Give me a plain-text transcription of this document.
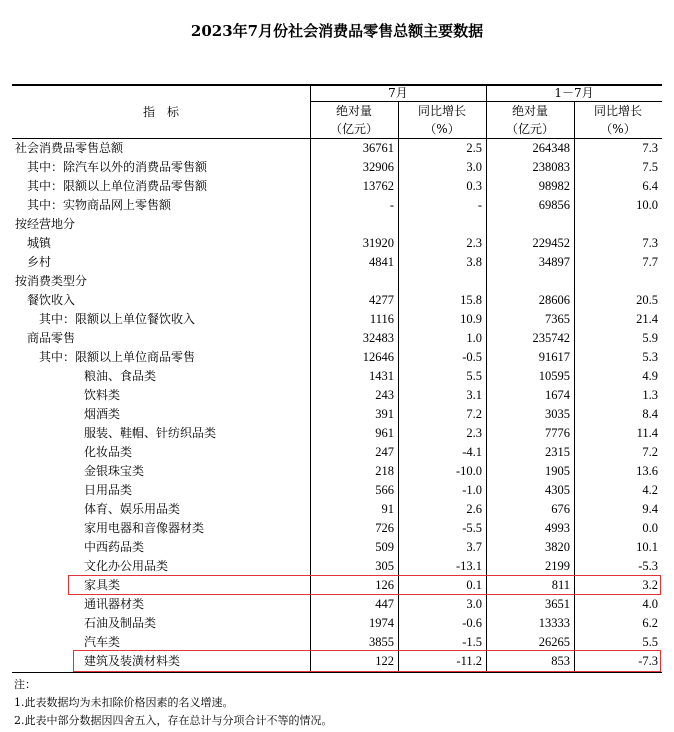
2023年7月份社会消费品零售总额主要数据
指　标
7月	1－7月
绝对量
（亿元）
同比增长
（%）
绝对量
（亿元）
同比增长
（%）
社会消费品零售总额	36761	2.5	264348	7.3
其中：除汽车以外的消费品零售额	32906	3.0	238083	7.5
其中：限额以上单位消费品零售额	13762	0.3	98982	6.4
其中：实物商品网上零售额	-	-	69856	10.0
按经营地分
城镇	31920	2.3	229452	7.3
乡村	4841	3.8	34897	7.7
按消费类型分
餐饮收入	4277	15.8	28606	20.5
其中：限额以上单位餐饮收入	1116	10.9	7365	21.4
商品零售	32483	1.0	235742	5.9
其中：限额以上单位商品零售	12646	-0.5	91617	5.3
粮油、食品类	1431	5.5	10595	4.9
饮料类	243	3.1	1674	1.3
烟酒类	391	7.2	3035	8.4
服装、鞋帽、针纺织品类	961	2.3	7776	11.4
化妆品类	247	-4.1	2315	7.2
金银珠宝类	218	-10.0	1905	13.6
日用品类	566	-1.0	4305	4.2
体育、娱乐用品类	91	2.6	676	9.4
家用电器和音像器材类	726	-5.5	4993	0.0
中西药品类	509	3.7	3820	10.1
文化办公用品类	305	-13.1	2199	-5.3
家具类	126	0.1	811	3.2
通讯器材类	447	3.0	3651	4.0
石油及制品类	1974	-0.6	13333	6.2
汽车类	3855	-1.5	26265	5.5
建筑及装潢材料类	122	-11.2	853	-7.3
注：
1.此表数据均为未扣除价格因素的名义增速。
2.此表中部分数据因四舍五入，存在总计与分项合计不等的情况。
